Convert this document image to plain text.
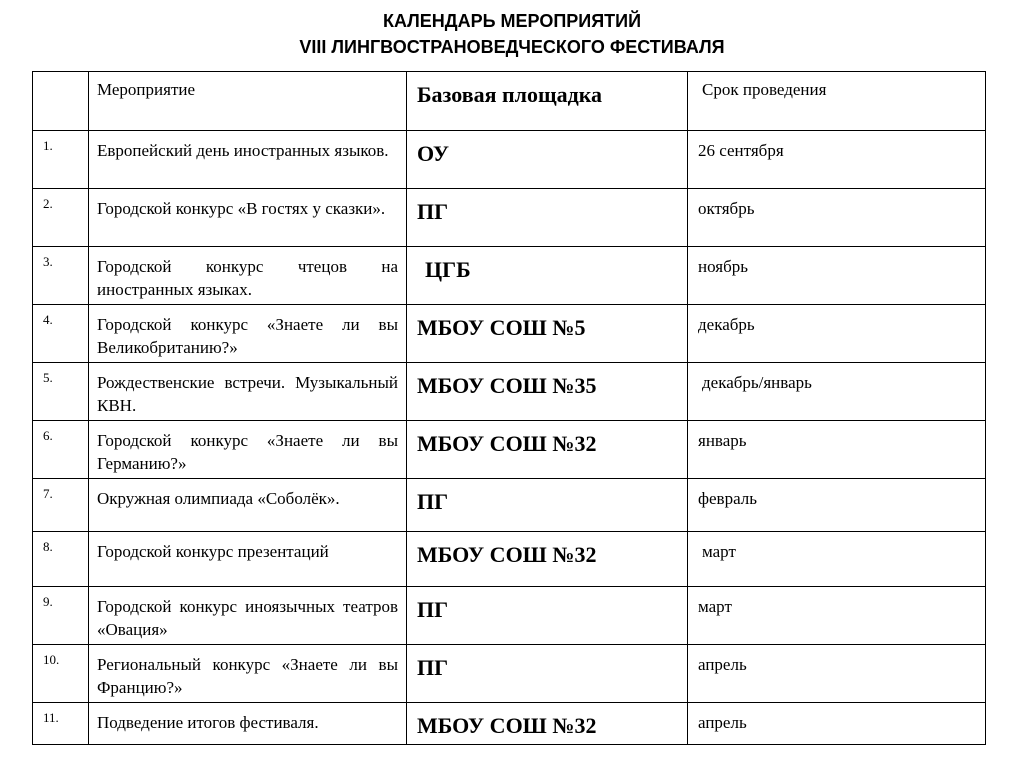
КАЛЕНДАРЬ МЕРОПРИЯТИЙ
VIII ЛИНГВОСТРАНОВЕДЧЕСКОГО ФЕСТИВАЛЯ
	Мероприятие	Базовая площадка	Срок проведения
1.	Европейский день иностранных языков.	ОУ	26 сентября
2.	Городской конкурс «В гостях у сказки».	ПГ	октябрь
3.	Городской конкурс чтецов на иностранных языках.	ЦГБ	ноябрь
4.	Городской конкурс «Знаете ли вы Великобританию?»	МБОУ СОШ №5	декабрь
5.	Рождественские встречи. Музыкальный КВН.	МБОУ СОШ №35	декабрь/январь
6.	Городской конкурс «Знаете ли вы Германию?»	МБОУ СОШ №32	январь
7.	Окружная олимпиада «Соболёк».	ПГ	февраль
8.	Городской конкурс презентаций	МБОУ СОШ №32	март
9.	Городской конкурс иноязычных театров «Овация»	ПГ	март
10.	Региональный конкурс «Знаете ли вы Францию?»	ПГ	апрель
11.	Подведение итогов фестиваля.	МБОУ СОШ №32	апрель
